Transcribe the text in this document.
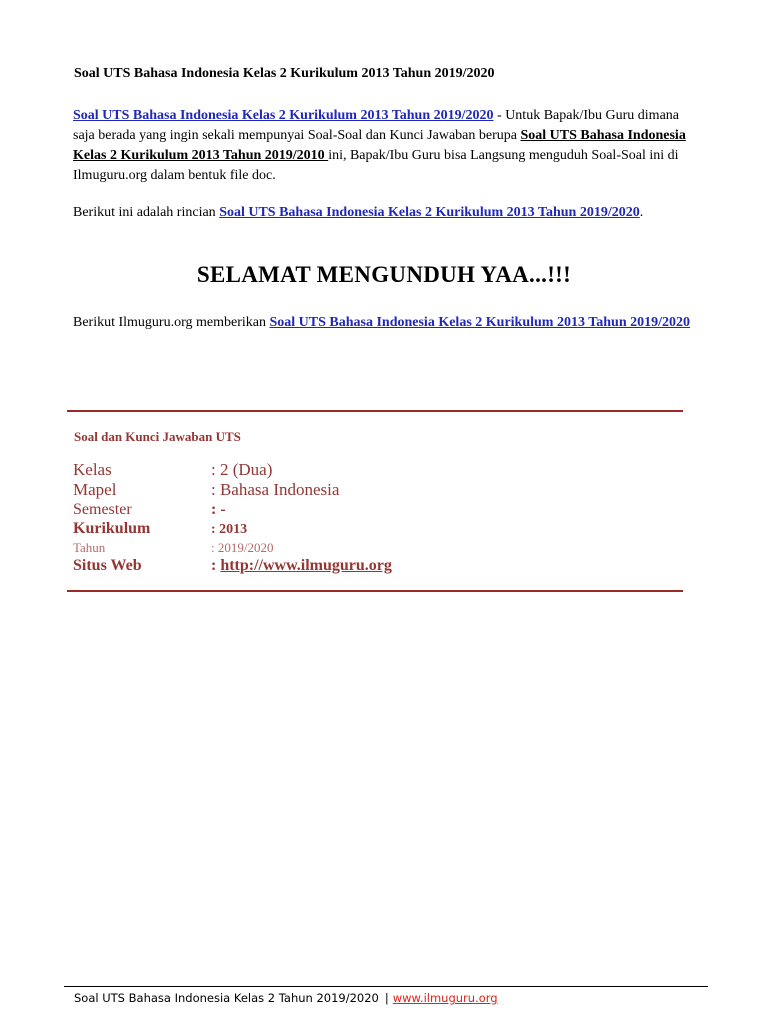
Soal UTS Bahasa Indonesia Kelas 2 Kurikulum 2013 Tahun 2019/2020

Soal UTS Bahasa Indonesia Kelas 2 Kurikulum 2013 Tahun 2019/2020 - Untuk Bapak/Ibu Guru dimana saja berada yang ingin sekali mempunyai Soal-Soal dan Kunci Jawaban berupa Soal UTS Bahasa Indonesia Kelas 2 Kurikulum 2013 Tahun 2019/2010 ini, Bapak/Ibu Guru bisa Langsung menguduh Soal-Soal ini di Ilmuguru.org dalam bentuk file doc.

Berikut ini adalah rincian Soal UTS Bahasa Indonesia Kelas 2 Kurikulum 2013 Tahun 2019/2020.

SELAMAT MENGUNDUH YAA...!!!

Berikut Ilmuguru.org memberikan Soal UTS Bahasa Indonesia Kelas 2 Kurikulum 2013 Tahun 2019/2020

Soal dan Kunci Jawaban UTS

Kelas	: 2 (Dua)
Mapel	: Bahasa Indonesia
Semester	: -
Kurikulum	: 2013
Tahun	: 2019/2020
Situs Web	: http://www.ilmuguru.org

Soal UTS Bahasa Indonesia Kelas 2 Tahun 2019/2020 | www.ilmuguru.org
